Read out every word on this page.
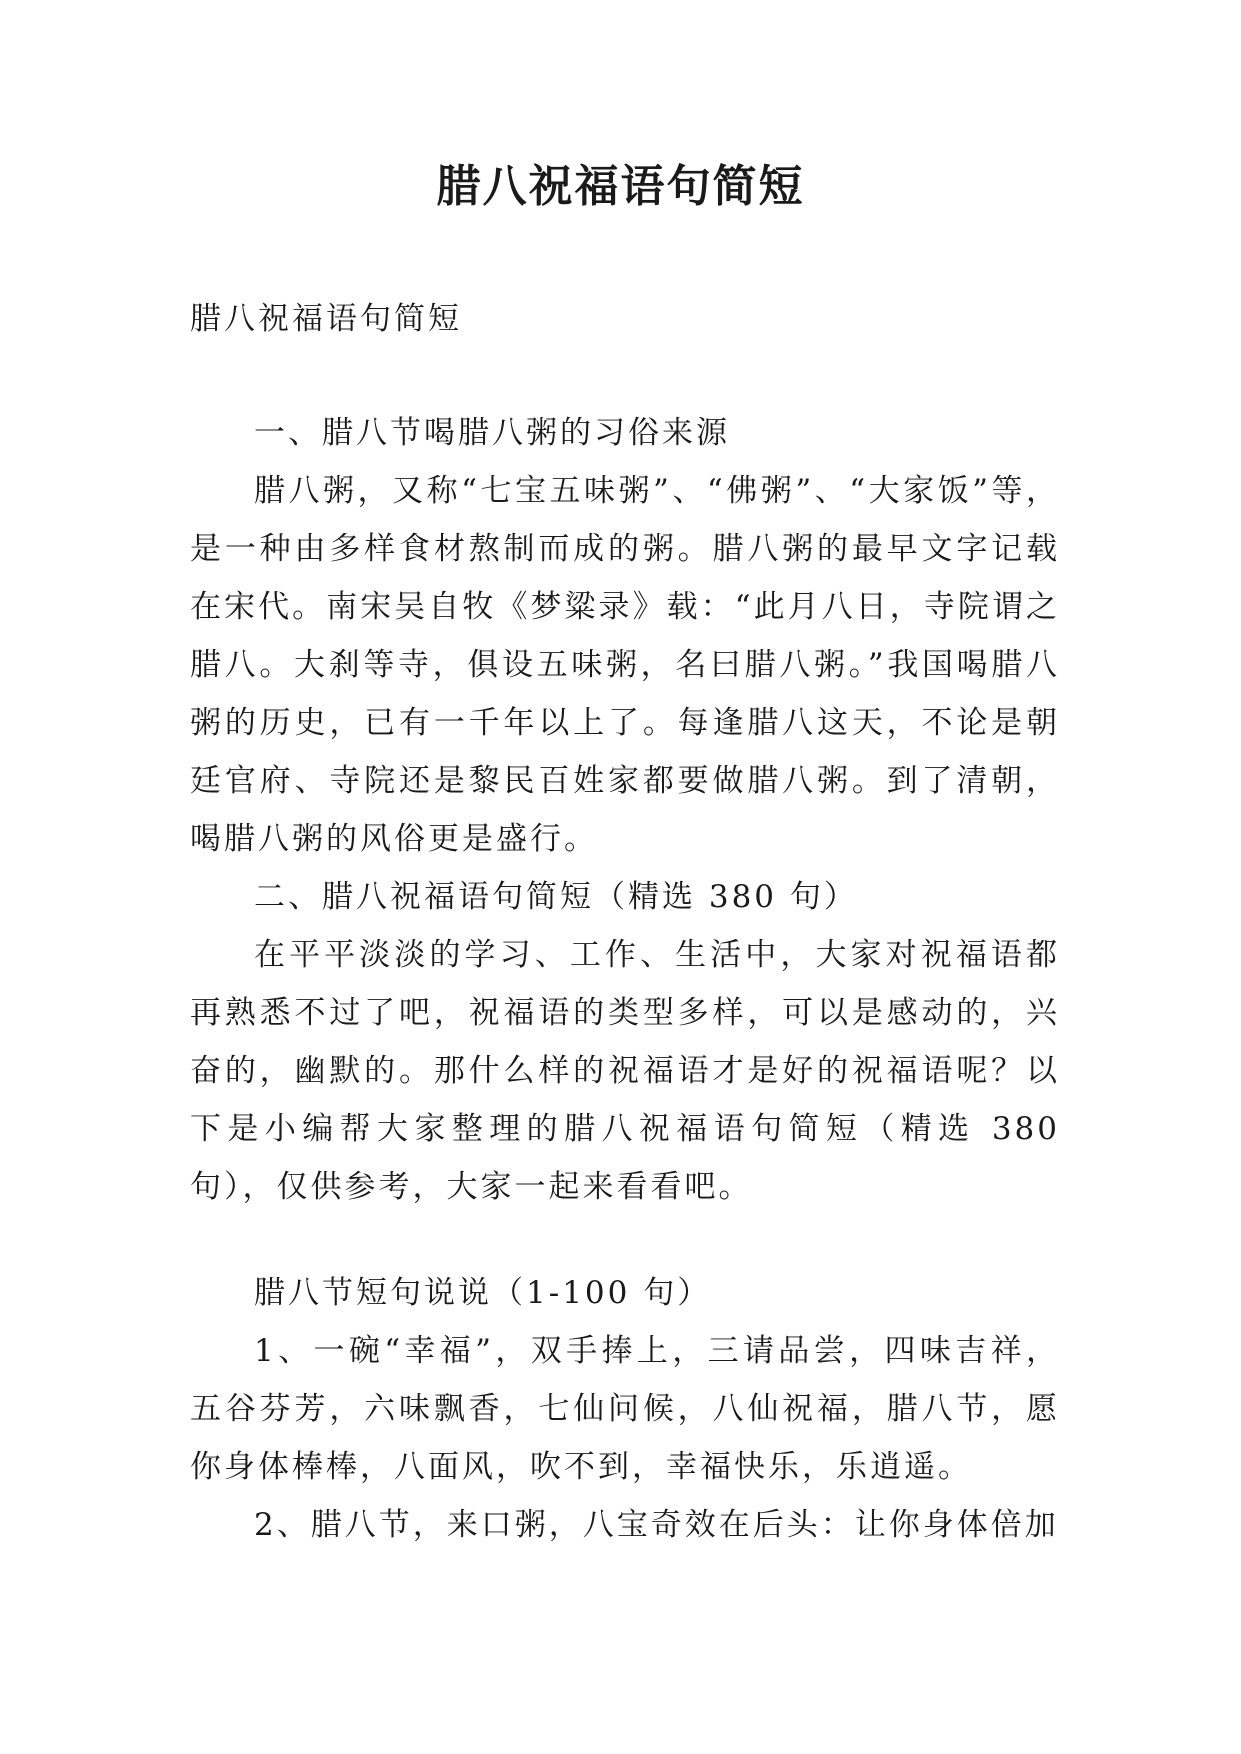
腊八祝福语句简短

腊八祝福语句简短

一、腊八节喝腊八粥的习俗来源

腊八粥，又称“七宝五味粥”、“佛粥”、“大家饭”等，是一种由多样食材熬制而成的粥。腊八粥的最早文字记载在宋代。南宋吴自牧《梦粱录》载：“此月八日，寺院谓之腊八。大刹等寺，俱设五味粥，名曰腊八粥。”我国喝腊八粥的历史，已有一千年以上了。每逢腊八这天，不论是朝廷官府、寺院还是黎民百姓家都要做腊八粥。到了清朝，喝腊八粥的风俗更是盛行。

二、腊八祝福语句简短（精选 380 句）

在平平淡淡的学习、工作、生活中，大家对祝福语都再熟悉不过了吧，祝福语的类型多样，可以是感动的，兴奋的，幽默的。那什么样的祝福语才是好的祝福语呢？以下是小编帮大家整理的腊八祝福语句简短（精选 380 句），仅供参考，大家一起来看看吧。

腊八节短句说说（1-100 句）

1、一碗“幸福”，双手捧上，三请品尝，四味吉祥，五谷芬芳，六味飘香，七仙问候，八仙祝福，腊八节，愿你身体棒棒，八面风，吹不到，幸福快乐，乐逍遥。

2、腊八节，来口粥，八宝奇效在后头：让你身体倍加
